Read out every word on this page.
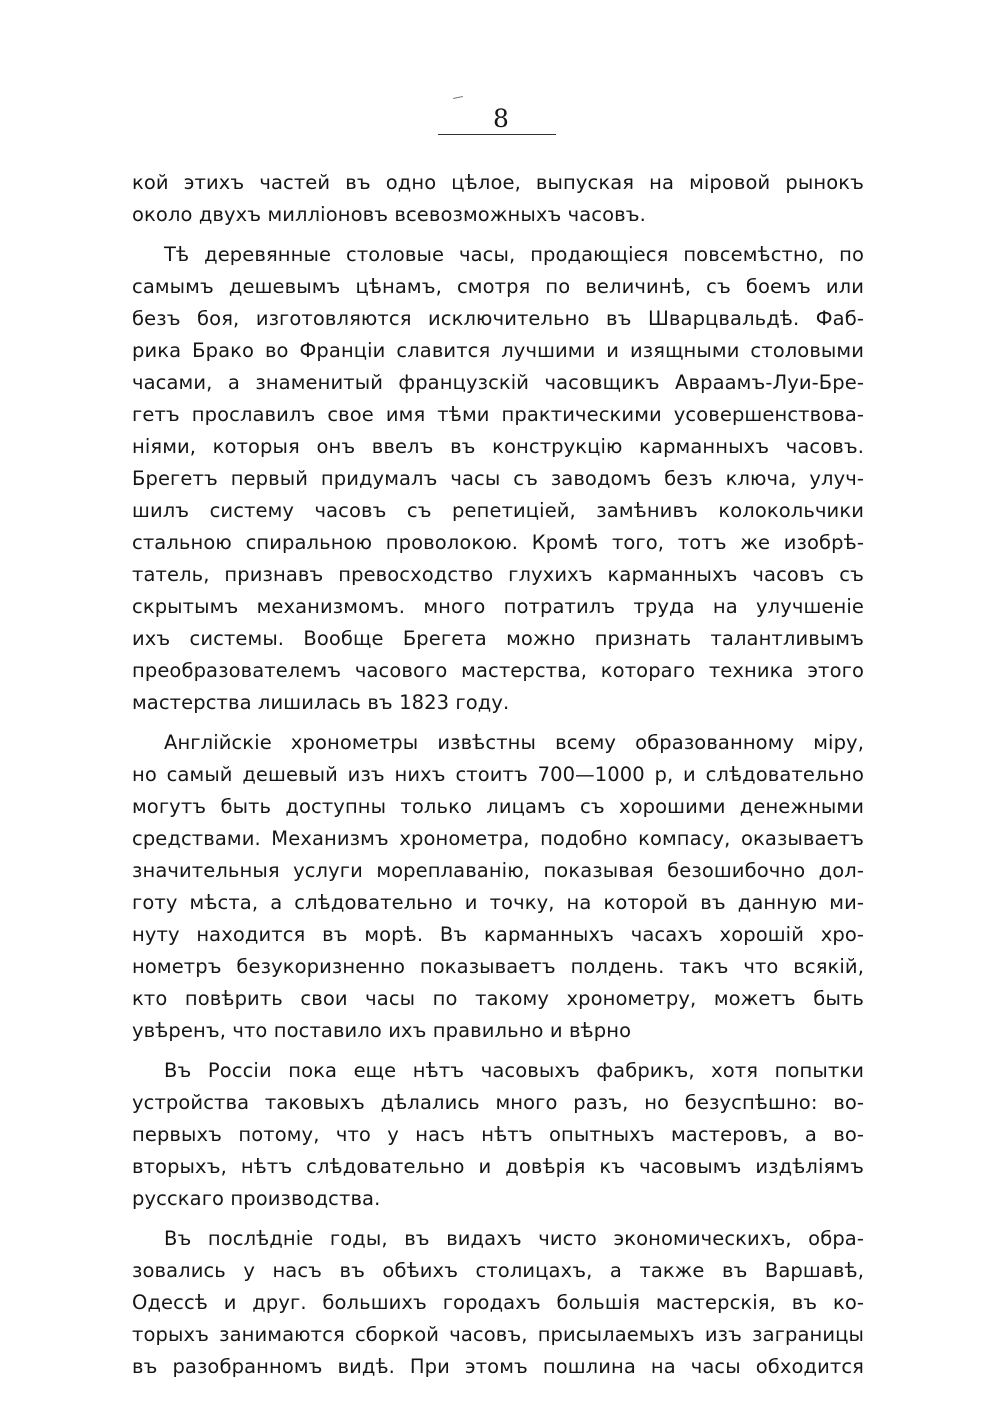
8
кой этихъ частей въ одно цѣлое, выпуская на мiровой рынокъ
около двухъ миллiоновъ всевозможныхъ часовъ.
Тѣ деревянные столовые часы, продающiеся повсемѣстно, по
самымъ дешевымъ цѣнамъ, смотря по величинѣ, съ боемъ или
безъ боя, изготовляются исключительно въ Шварцвальдѣ. Фаб-
рика Брако во Францiи славится лучшими и изящными столовыми
часами, а знаменитый французскiй часовщикъ Авраамъ-Луи-Бре-
гетъ прославилъ свое имя тѣми практическими усовершенствова-
нiями, которыя онъ ввелъ въ конструкцiю карманныхъ часовъ.
Брегетъ первый придумалъ часы съ заводомъ безъ ключа, улуч-
шилъ систему часовъ съ репетицiей, замѣнивъ колокольчики
стальною спиральною проволокою. Кромѣ того, тотъ же изобрѣ-
татель, признавъ превосходство глухихъ карманныхъ часовъ съ
скрытымъ механизмомъ. много потратилъ труда на улучшенiе
ихъ системы. Вообще Брегета можно признать талантливымъ
преобразователемъ часового мастерства, котораго техника этого
мастерства лишилась въ 1823 году.
Англiйскiе хронометры извѣстны всему образованному мiру,
но самый дешевый изъ нихъ стоитъ 700—1000 р, и слѣдовательно
могутъ быть доступны только лицамъ съ хорошими денежными
средствами. Механизмъ хронометра, подобно компасу, оказываетъ
значительныя услуги мореплаванiю, показывая безошибочно дол-
готу мѣста, а слѣдовательно и точку, на которой въ данную ми-
нуту находится въ морѣ. Въ карманныхъ часахъ хорошiй хро-
нометръ безукоризненно показываетъ полдень. такъ что всякiй,
кто повѣрить свои часы по такому хронометру, можетъ быть
увѣренъ, что поставило ихъ правильно и вѣрно
Въ Россiи пока еще нѣтъ часовыхъ фабрикъ, хотя попытки
устройства таковыхъ дѣлались много разъ, но безуспѣшно: во-
первыхъ потому, что у насъ нѣтъ опытныхъ мастеровъ, а во-
вторыхъ, нѣтъ слѣдовательно и довѣрiя къ часовымъ издѣлiямъ
русскаго производства.
Въ послѣднiе годы, въ видахъ чисто экономическихъ, обра-
зовались у насъ въ обѣихъ столицахъ, а также въ Варшавѣ,
Одессѣ и друг. большихъ городахъ большiя мастерскiя, въ ко-
торыхъ занимаются сборкой часовъ, присылаемыхъ изъ заграницы
въ разобранномъ видѣ. При этомъ пошлина на часы обходится
